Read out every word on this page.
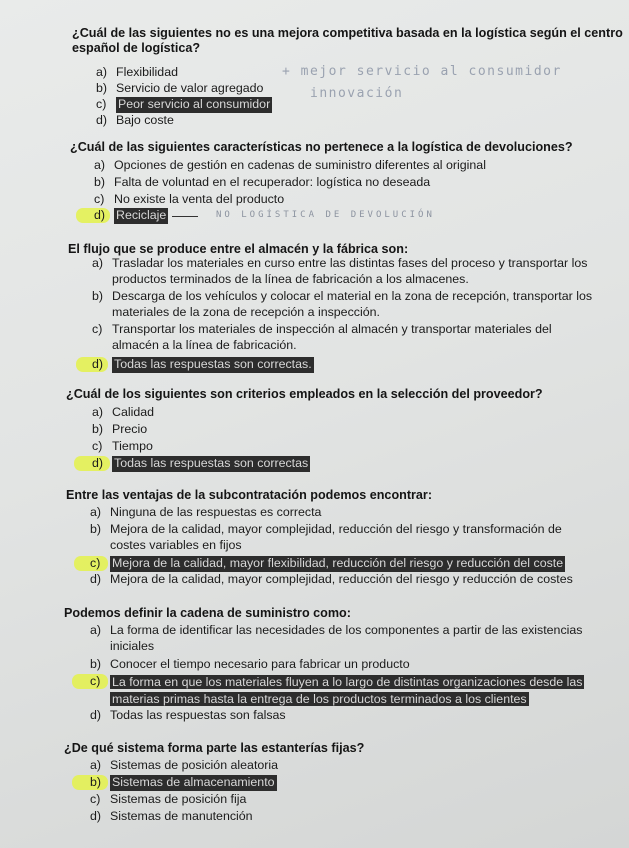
¿Cuál de las siguientes no es una mejora competitiva basada en la logística según el centro
español de logística?
a) Flexibilidad
b) Servicio de valor agregado
c) Peor servicio al consumidor
d) Bajo coste
+ mejor servicio al consumidor
innovación
¿Cuál de las siguientes características no pertenece a la logística de devoluciones?
a) Opciones de gestión en cadenas de suministro diferentes al original
b) Falta de voluntad en el recuperador: logística no deseada
c) No existe la venta del producto
d) Reciclaje	NO LOGÍSTICA DE DEVOLUCIÓN
El flujo que se produce entre el almacén y la fábrica son:
a) Trasladar los materiales en curso entre las distintas fases del proceso y transportar los
productos terminados de la línea de fabricación a los almacenes.
b) Descarga de los vehículos y colocar el material en la zona de recepción, transportar los
materiales de la zona de recepción a inspección.
c) Transportar los materiales de inspección al almacén y transportar materiales del
almacén a la línea de fabricación.
d) Todas las respuestas son correctas.
¿Cuál de los siguientes son criterios empleados en la selección del proveedor?
a) Calidad
b) Precio
c) Tiempo
d) Todas las respuestas son correctas
Entre las ventajas de la subcontratación podemos encontrar:
a) Ninguna de las respuestas es correcta
b) Mejora de la calidad, mayor complejidad, reducción del riesgo y transformación de
costes variables en fijos
c) Mejora de la calidad, mayor flexibilidad, reducción del riesgo y reducción del coste
d) Mejora de la calidad, mayor complejidad, reducción del riesgo y reducción de costes
Podemos definir la cadena de suministro como:
a) La forma de identificar las necesidades de los componentes a partir de las existencias
iniciales
b) Conocer el tiempo necesario para fabricar un producto
c) La forma en que los materiales fluyen a lo largo de distintas organizaciones desde las
materias primas hasta la entrega de los productos terminados a los clientes
d) Todas las respuestas son falsas
¿De qué sistema forma parte las estanterías fijas?
a) Sistemas de posición aleatoria
b) Sistemas de almacenamiento
c) Sistemas de posición fija
d) Sistemas de manutención
